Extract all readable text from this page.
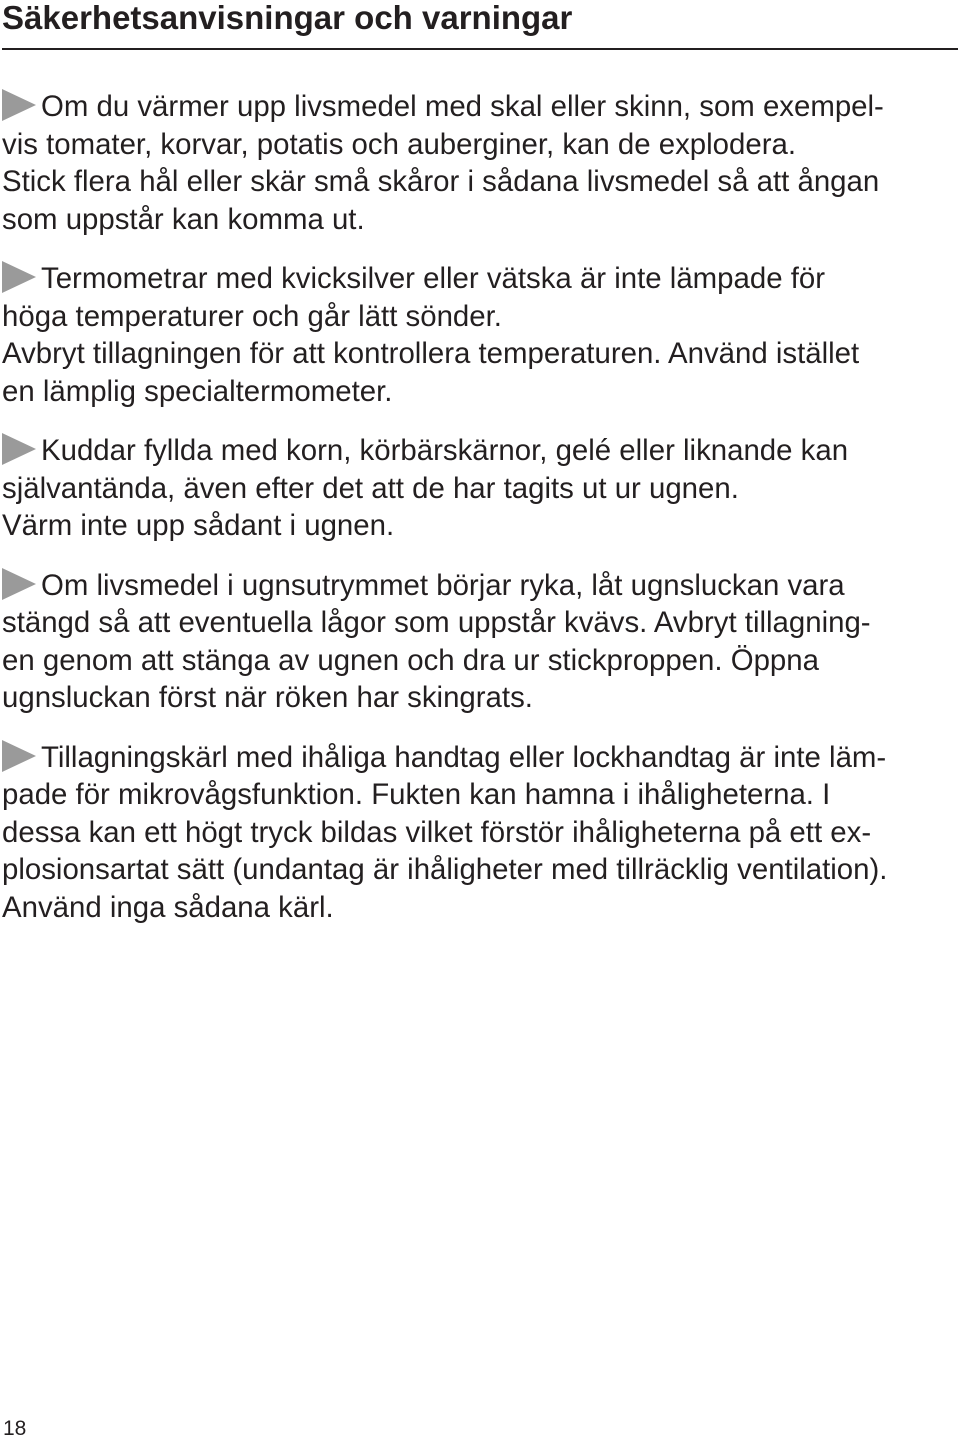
Säkerhetsanvisningar och varningar

Om du värmer upp livsmedel med skal eller skinn, som exempel-
vis tomater, korvar, potatis och auberginer, kan de explodera.
Stick flera hål eller skär små skåror i sådana livsmedel så att ångan
som uppstår kan komma ut.

Termometrar med kvicksilver eller vätska är inte lämpade för
höga temperaturer och går lätt sönder.
Avbryt tillagningen för att kontrollera temperaturen. Använd istället
en lämplig specialtermometer.

Kuddar fyllda med korn, körbärskärnor, gelé eller liknande kan
självantända, även efter det att de har tagits ut ur ugnen.
Värm inte upp sådant i ugnen.

Om livsmedel i ugnsutrymmet börjar ryka, låt ugnsluckan vara
stängd så att eventuella lågor som uppstår kvävs. Avbryt tillagning-
en genom att stänga av ugnen och dra ur stickproppen. Öppna
ugnsluckan först när röken har skingrats.

Tillagningskärl med ihåliga handtag eller lockhandtag är inte läm-
pade för mikrovågsfunktion. Fukten kan hamna i ihåligheterna. I
dessa kan ett högt tryck bildas vilket förstör ihåligheterna på ett ex-
plosionsartat sätt (undantag är ihåligheter med tillräcklig ventilation).
Använd inga sådana kärl.

18
